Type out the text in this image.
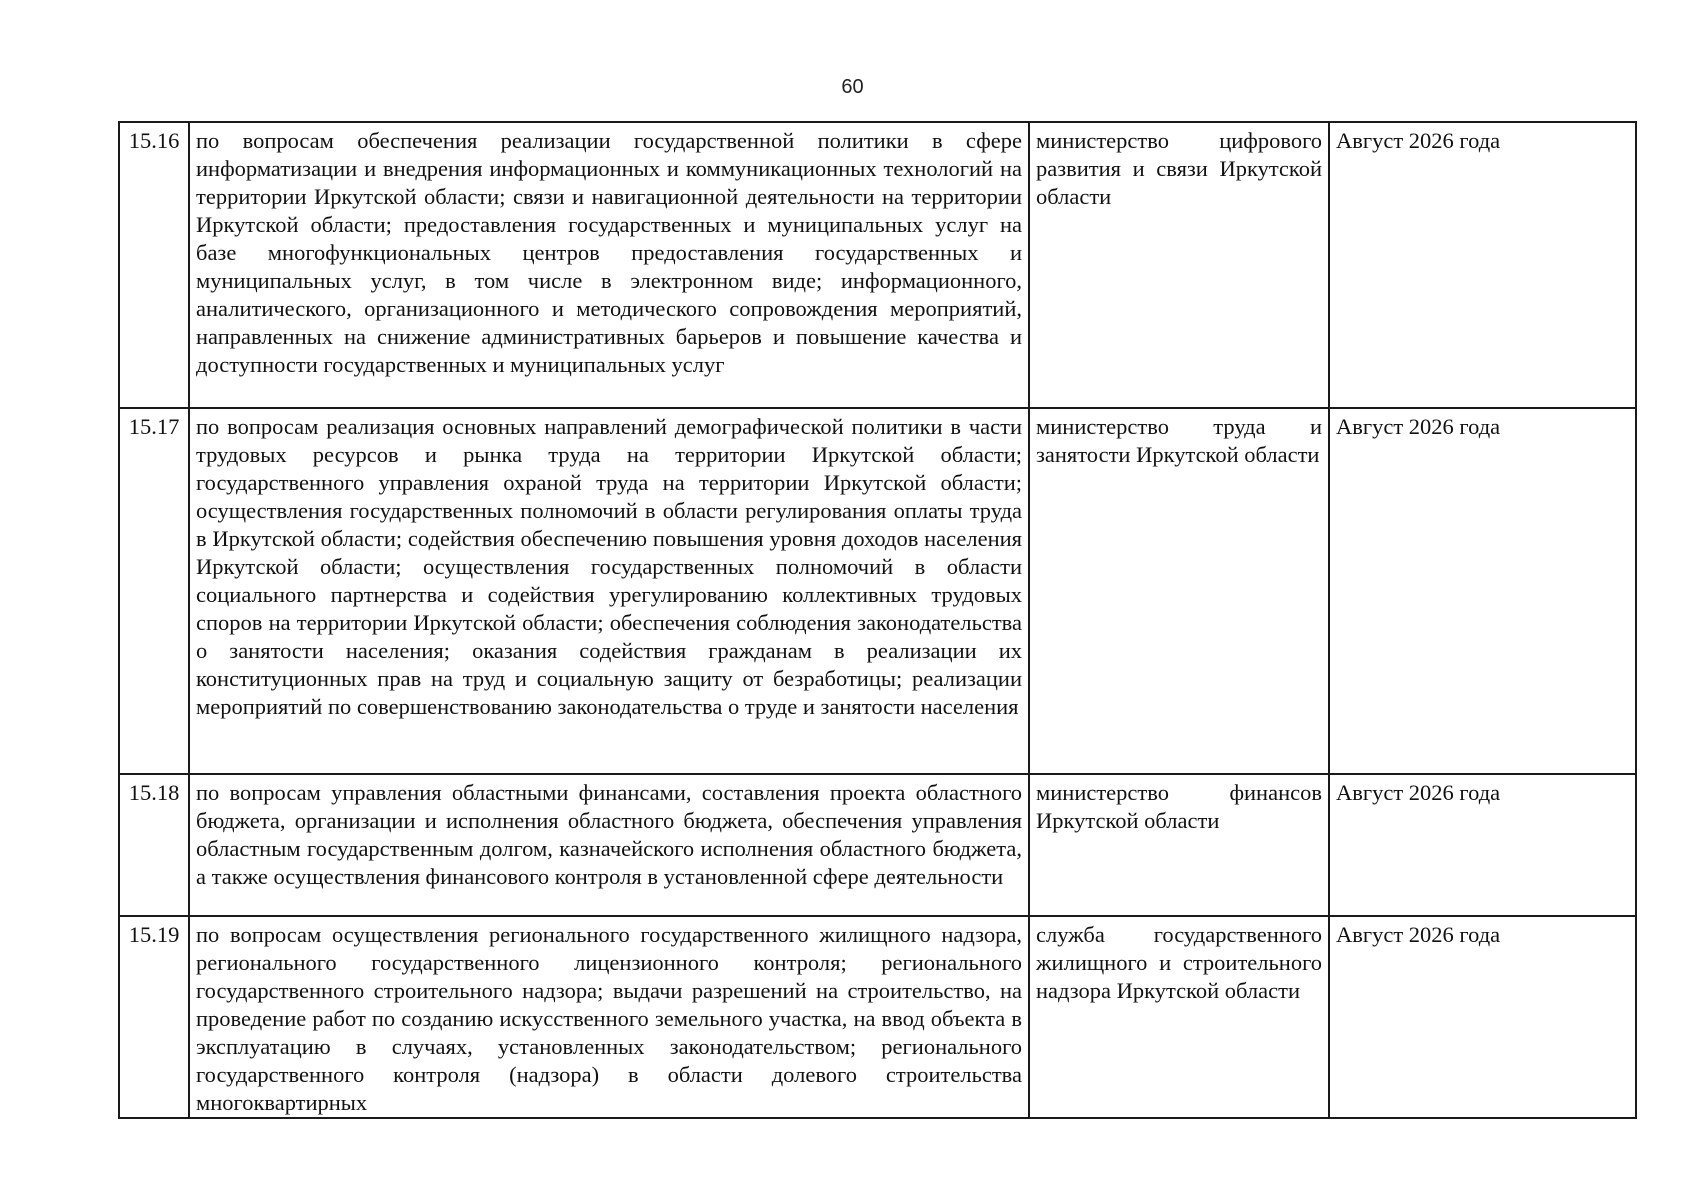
60
15.16	по вопросам обеспечения реализации государственной политики в сфере информатизации и внедрения информационных и коммуникационных технологий на территории Иркутской области; связи и навигационной деятельности на территории Иркутской области; предоставления государственных и муниципальных услуг на базе многофункциональных центров предоставления государственных и муниципальных услуг, в том числе в электронном виде; информационного, аналитического, организационного и методического сопровождения мероприятий, направленных на снижение административных барьеров и повышение качества и доступности государственных и муниципальных услуг	министерство цифрового развития и связи Иркутской области	Август 2026 года
15.17	по вопросам реализация основных направлений демографической политики в части трудовых ресурсов и рынка труда на территории Иркутской области; государственного управления охраной труда на территории Иркутской области; осуществления государственных полномочий в области регулирования оплаты труда в Иркутской области; содействия обеспечению повышения уровня доходов населения Иркутской области; осуществления государственных полномочий в области социального партнерства и содействия урегулированию коллективных трудовых споров на территории Иркутской области; обеспечения соблюдения законодательства о занятости населения; оказания содействия гражданам в реализации их конституционных прав на труд и социальную защиту от безработицы; реализации мероприятий по совершенствованию законодательства о труде и занятости населения	министерство труда и занятости Иркутской области	Август 2026 года
15.18	по вопросам управления областными финансами, составления проекта областного бюджета, организации и исполнения областного бюджета, обеспечения управления областным государственным долгом, казначейского исполнения областного бюджета, а также осуществления финансового контроля в установленной сфере деятельности	министерство финансов Иркутской области	Август 2026 года
15.19	по вопросам осуществления регионального государственного жилищного надзора, регионального государственного лицензионного контроля; регионального государственного строительного надзора; выдачи разрешений на строительство, на проведение работ по созданию искусственного земельного участка, на ввод объекта в эксплуатацию в случаях, установленных законодательством; регионального государственного контроля (надзора) в области долевого строительства многоквартирных	служба государственного жилищного и строительного надзора Иркутской области	Август 2026 года
